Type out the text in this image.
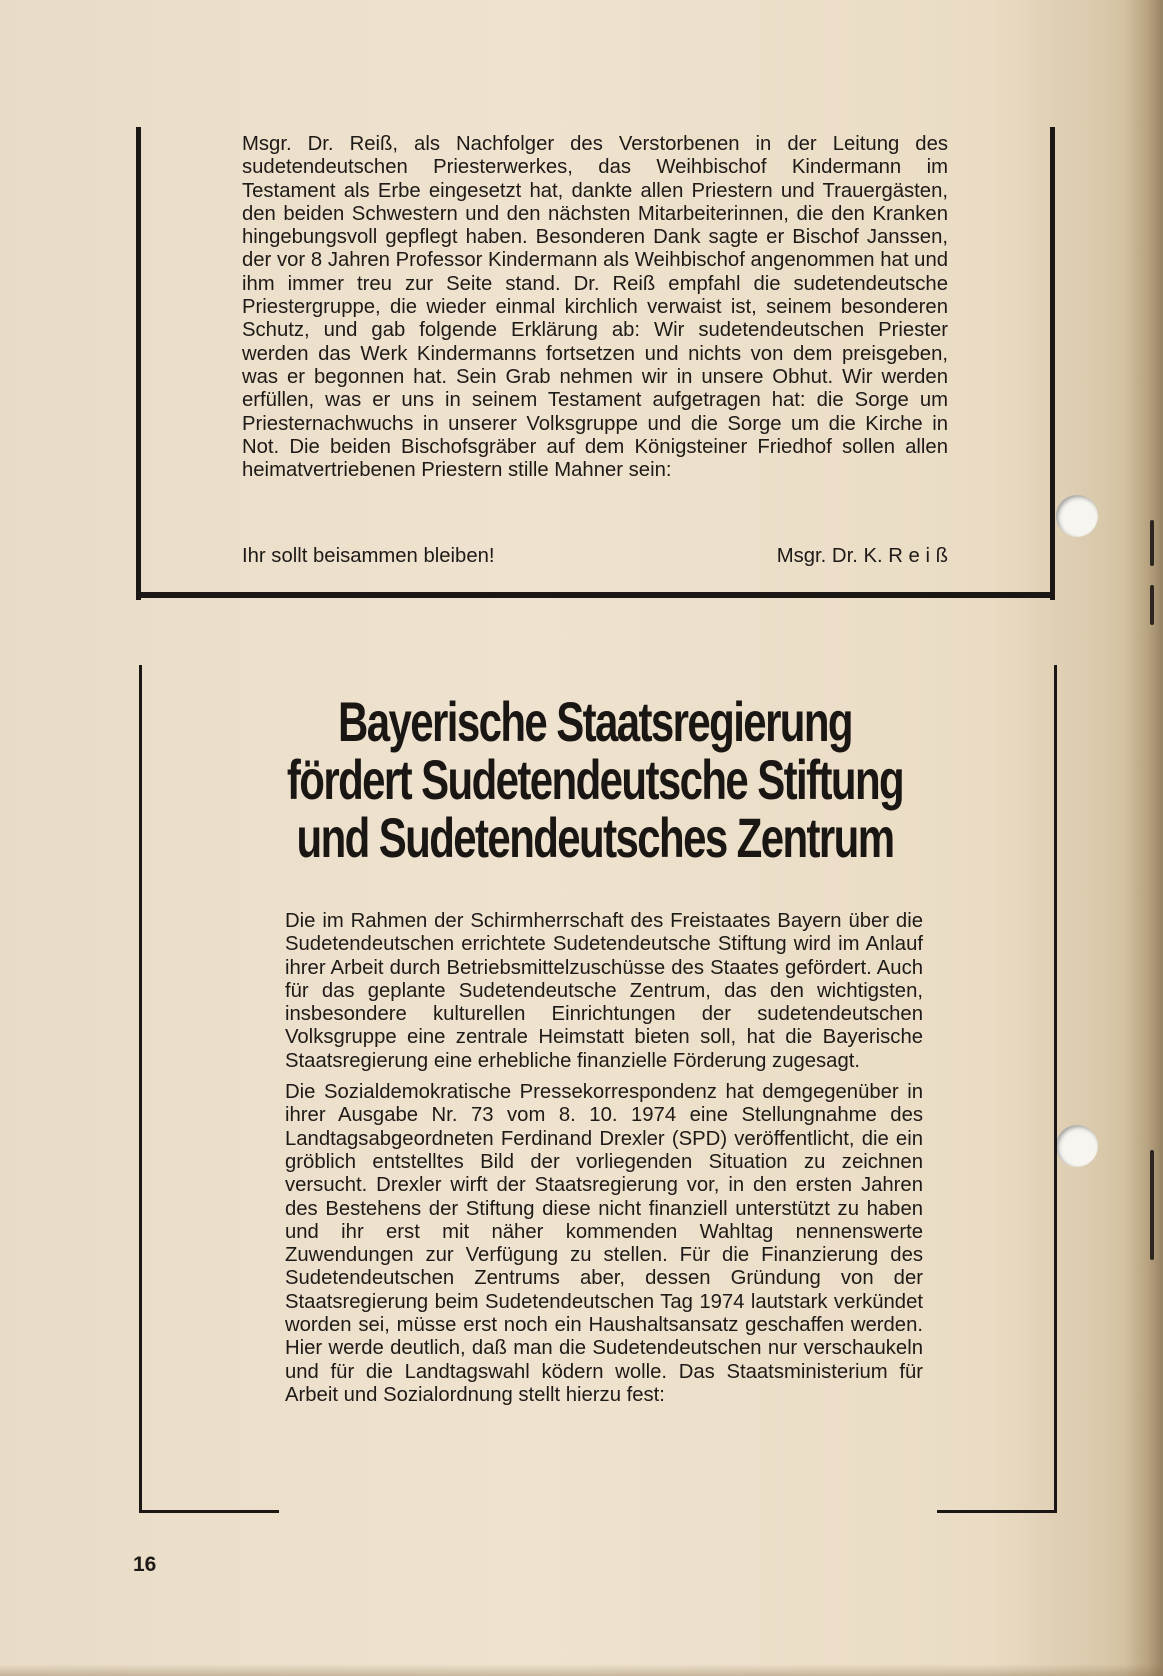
Msgr. Dr. Reiß, als Nachfolger des Verstorbenen in der Leitung des sudetendeutschen Priesterwerkes, das Weihbischof Kindermann im Testament als Erbe eingesetzt hat, dankte allen Priestern und Trauergästen, den beiden Schwestern und den nächsten Mitarbeiterinnen, die den Kranken hingebungsvoll gepflegt haben. Besonderen Dank sagte er Bischof Janssen, der vor 8 Jahren Professor Kindermann als Weihbischof angenommen hat und ihm immer treu zur Seite stand. Dr. Reiß empfahl die sudetendeutsche Priestergruppe, die wieder einmal kirchlich verwaist ist, seinem besonderen Schutz, und gab folgende Erklärung ab: Wir sudetendeutschen Priester werden das Werk Kindermanns fortsetzen und nichts von dem preisgeben, was er begonnen hat. Sein Grab nehmen wir in unsere Obhut. Wir werden erfüllen, was er uns in seinem Testament aufgetragen hat: die Sorge um Priesternachwuchs in unserer Volksgruppe und die Sorge um die Kirche in Not. Die beiden Bischofsgräber auf dem Königsteiner Friedhof sollen allen heimatvertriebenen Priestern stille Mahner sein:

Ihr sollt beisammen bleiben!	Msgr. Dr. K. R e i ß
Bayerische Staatsregierung
fördert Sudetendeutsche Stiftung
und Sudetendeutsches Zentrum

Die im Rahmen der Schirmherrschaft des Freistaates Bayern über die Sudetendeutschen errichtete Sudetendeutsche Stiftung wird im Anlauf ihrer Arbeit durch Betriebsmittelzuschüsse des Staates gefördert. Auch für das geplante Sudetendeutsche Zentrum, das den wichtigsten, insbesondere kulturellen Einrichtungen der sudetendeutschen Volksgruppe eine zentrale Heimstatt bieten soll, hat die Bayerische Staatsregierung eine erhebliche finanzielle Förderung zugesagt.

Die Sozialdemokratische Pressekorrespondenz hat demgegenüber in ihrer Ausgabe Nr. 73 vom 8. 10. 1974 eine Stellungnahme des Landtagsabgeordneten Ferdinand Drexler (SPD) veröffentlicht, die ein gröblich entstelltes Bild der vorliegenden Situation zu zeichnen versucht. Drexler wirft der Staatsregierung vor, in den ersten Jahren des Bestehens der Stiftung diese nicht finanziell unterstützt zu haben und ihr erst mit näher kommenden Wahltag nennenswerte Zuwendungen zur Verfügung zu stellen. Für die Finanzierung des Sudetendeutschen Zentrums aber, dessen Gründung von der Staatsregierung beim Sudetendeutschen Tag 1974 lautstark verkündet worden sei, müsse erst noch ein Haushaltsansatz geschaffen werden. Hier werde deutlich, daß man die Sudetendeutschen nur verschaukeln und für die Landtagswahl ködern wolle. Das Staatsministerium für Arbeit und Sozialordnung stellt hierzu fest:

16
